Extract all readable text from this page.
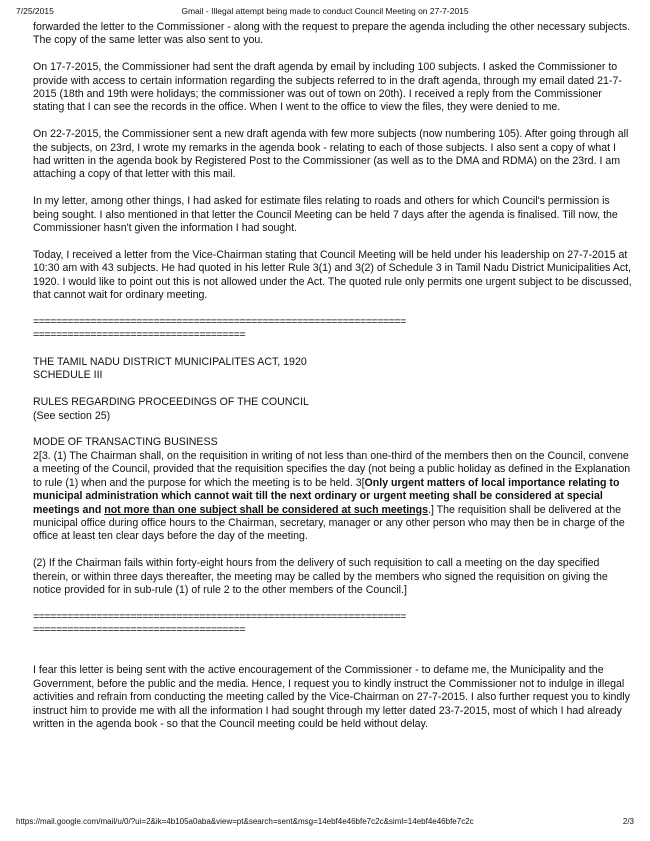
7/25/2015	Gmail - Illegal attempt being made to conduct Council Meeting on 27-7-2015

forwarded the letter to the Commissioner - along with the request to prepare the agenda including the other necessary subjects. The copy of the same letter was also sent to you.

On 17-7-2015, the Commissioner had sent the draft agenda by email by including 100 subjects. I asked the Commissioner to provide with access to certain information regarding the subjects referred to in the draft agenda, through my email dated 21-7-2015 (18th and 19th were holidays; the commissioner was out of town on 20th). I received a reply from the Commissioner stating that I can see the records in the office. When I went to the office to view the files, they were denied to me.

On 22-7-2015, the Commissioner sent a new draft agenda with few more subjects (now numbering 105). After going through all the subjects, on 23rd, I wrote my remarks in the agenda book - relating to each of those subjects. I also sent a copy of what I had written in the agenda book by Registered Post to the Commissioner (as well as to the DMA and RDMA) on the 23rd. I am attaching a copy of that letter with this mail.

In my letter, among other things, I had asked for estimate files relating to roads and others for which Council's permission is being sought. I also mentioned in that letter the Council Meeting can be held 7 days after the agenda is finalised. Till now, the Commissioner hasn't given the information I had sought.

Today, I received a letter from the Vice-Chairman stating that Council Meeting will be held under his leadership on 27-7-2015 at 10:30 am with 43 subjects. He had quoted in his letter Rule 3(1) and 3(2) of Schedule 3 in Tamil Nadu District Municipalities Act, 1920. I would like to point out this is not allowed under the Act. The quoted rule only permits one urgent subject to be discussed, that cannot wait for ordinary meeting.

=================================================================

=====================================

THE TAMIL NADU DISTRICT MUNICIPALITES ACT, 1920

SCHEDULE III

RULES REGARDING PROCEEDINGS OF THE COUNCIL

(See section 25)

MODE OF TRANSACTING BUSINESS

2[3. (1) The Chairman shall, on the requisition in writing of not less than one-third of the members then on the Council, convene a meeting of the Council, provided that the requisition specifies the day (not being a public holiday as defined in the Explanation to rule (1) when and the purpose for which the meeting is to be held. 3[Only urgent matters of local importance relating to municipal administration which cannot wait till the next ordinary or urgent meeting shall be considered at special meetings and not more than one subject shall be considered at such meetings.] The requisition shall be delivered at the municipal office during office hours to the Chairman, secretary, manager or any other person who may then be in charge of the office at least ten clear days before the day of the meeting.

(2) If the Chairman fails within forty-eight hours from the delivery of such requisition to call a meeting on the day specified therein, or within three days thereafter, the meeting may be called by the members who signed the requisition on giving the notice provided for in sub-rule (1) of rule 2 to the other members of the Council.]

=================================================================

=====================================

I fear this letter is being sent with the active encouragement of the Commissioner - to defame me, the Municipality and the Government, before the public and the media. Hence, I request you to kindly instruct the Commissioner not to indulge in illegal activities and refrain from conducting the meeting called by the Vice-Chairman on 27-7-2015. I also further request you to kindly instruct him to provide me with all the information I had sought through my letter dated 23-7-2015, most of which I had already written in the agenda book - so that the Council meeting could be held without delay.

https://mail.google.com/mail/u/0/?ui=2&ik=4b105a0aba&view=pt&search=sent&msg=14ebf4e46bfe7c2c&siml=14ebf4e46bfe7c2c	2/3
